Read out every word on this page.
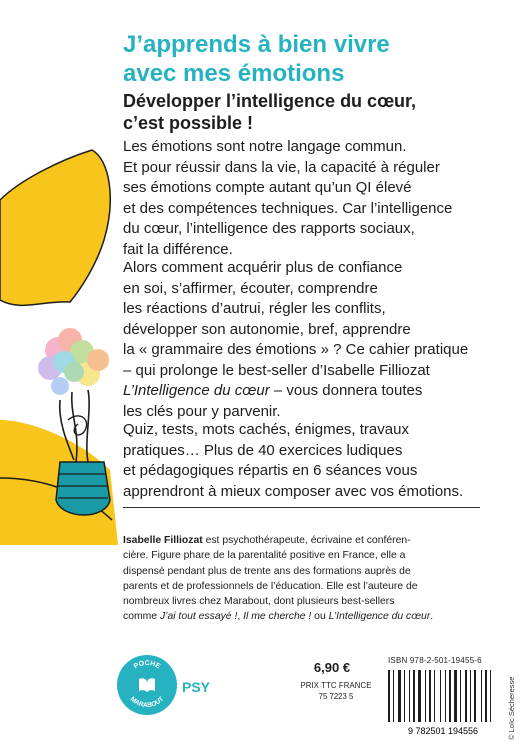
J’apprends à bien vivre
avec mes émotions
Développer l’intelligence du cœur,
c’est possible !

Les émotions sont notre langage commun.
Et pour réussir dans la vie, la capacité à réguler
ses émotions compte autant qu’un QI élevé
et des compétences techniques. Car l’intelligence
du cœur, l’intelligence des rapports sociaux,
fait la différence.

Alors comment acquérir plus de confiance
en soi, s’affirmer, écouter, comprendre
les réactions d’autrui, régler les conflits,
développer son autonomie, bref, apprendre
la « grammaire des émotions » ? Ce cahier pratique
– qui prolonge le best-seller d’Isabelle Filliozat
L’Intelligence du cœur – vous donnera toutes
les clés pour y parvenir.

Quiz, tests, mots cachés, énigmes, travaux
pratiques… Plus de 40 exercices ludiques
et pédagogiques répartis en 6 séances vous
apprendront à mieux composer avec vos émotions.

Isabelle Filliozat est psychothérapeute, écrivaine et conféren-
cière. Figure phare de la parentalité positive en France, elle a
dispensé pendant plus de trente ans des formations auprès de
parents et de professionnels de l’éducation. Elle est l’auteure de
nombreux livres chez Marabout, dont plusieurs best-sellers
comme J’ai tout essayé !, Il me cherche ! ou L’Intelligence du cœur.

POCHE
MARABOUT
PSY
6,90 €
PRIX TTC FRANCE
75 7223 5
ISBN 978-2-501-19455-6
9 782501 194556	© Loïc Sécheresse
